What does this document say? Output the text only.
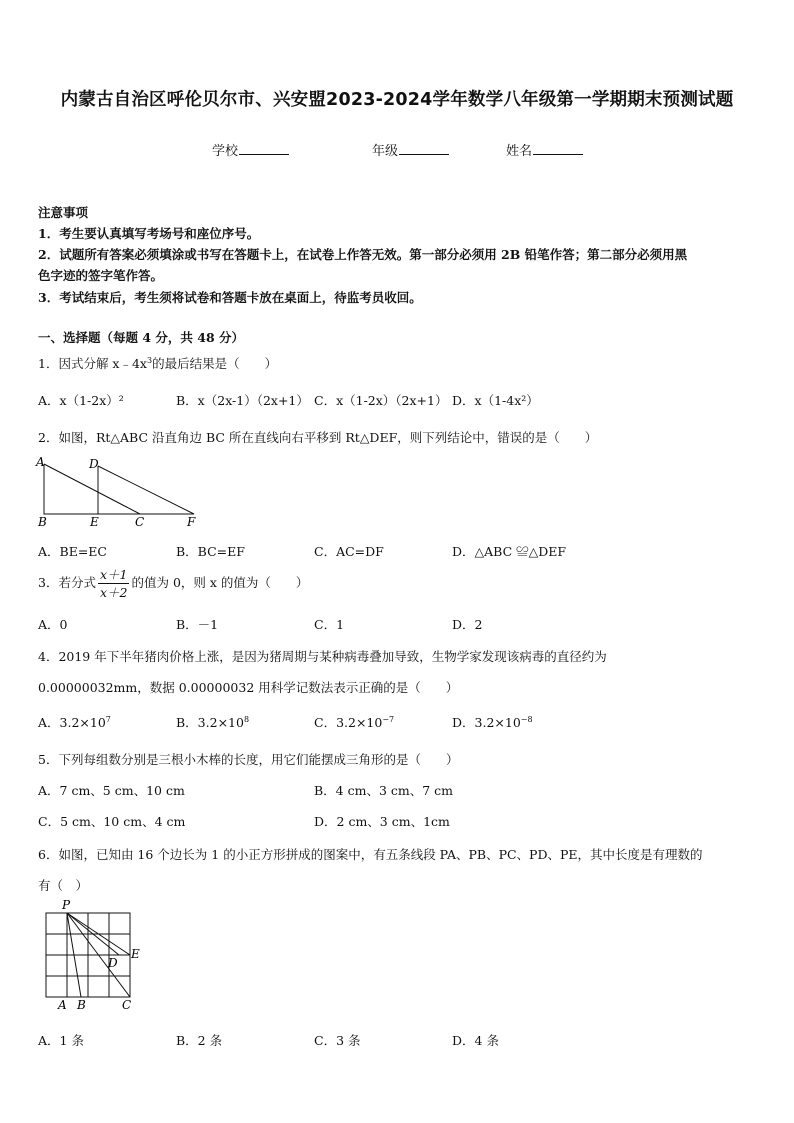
内蒙古自治区呼伦贝尔市、兴安盟2023-2024学年数学八年级第一学期期末预测试题
学校	年级	姓名
注意事项
1．考生要认真填写考场号和座位序号。
2．试题所有答案必须填涂或书写在答题卡上，在试卷上作答无效。第一部分必须用 2B 铅笔作答；第二部分必须用黑
色字迹的签字笔作答。
3．考试结束后，考生须将试卷和答题卡放在桌面上，待监考员收回。
一、选择题（每题 4 分，共 48 分）
1．因式分解 $x﹣4x^3$的最后结果是（　　）
A．x（1-2x）²	B．x（2x-1）（2x+1） C．x（1-2x）（2x+1） D．x（1-4x²）
2．如图，Rt△ABC 沿直角边 BC 所在直线向右平移到 Rt△DEF，则下列结论中，错误的是（　　）
A	D
B	E	C	F
A．BE=EC	B．BC=EF	C．AC=DF	D．△ABC ≌△DEF
3．若分式 $\frac{x+1}{x+2}$ 的值为 0，则 x 的值为（　　）
A．0	B．－1	C．1	D．2
4．2019 年下半年猪肉价格上涨，是因为猪周期与某种病毒叠加导致，生物学家发现该病毒的直径约为
0.00000032mm，数据 0.00000032 用科学记数法表示正确的是（　　）
A．$3.2\times 10^7$	B．$3.2\times 10^8$	C．$3.2\times 10^{-7}$	D．$3.2\times 10^{-8}$
5．下列每组数分别是三根小木棒的长度，用它们能摆成三角形的是（　　）
A．7 cm、5 cm、10 cm	B．4 cm、3 cm、7 cm
C．5 cm、10 cm、4 cm	D．2 cm、3 cm、1cm
6．如图，已知由 16 个边长为 1 的小正方形拼成的图案中，有五条线段 PA、PB、PC、PD、PE，其中长度是有理数的
有（　）
P
A B	C
D
E
A．1 条	B．2 条	C．3 条	D．4 条
